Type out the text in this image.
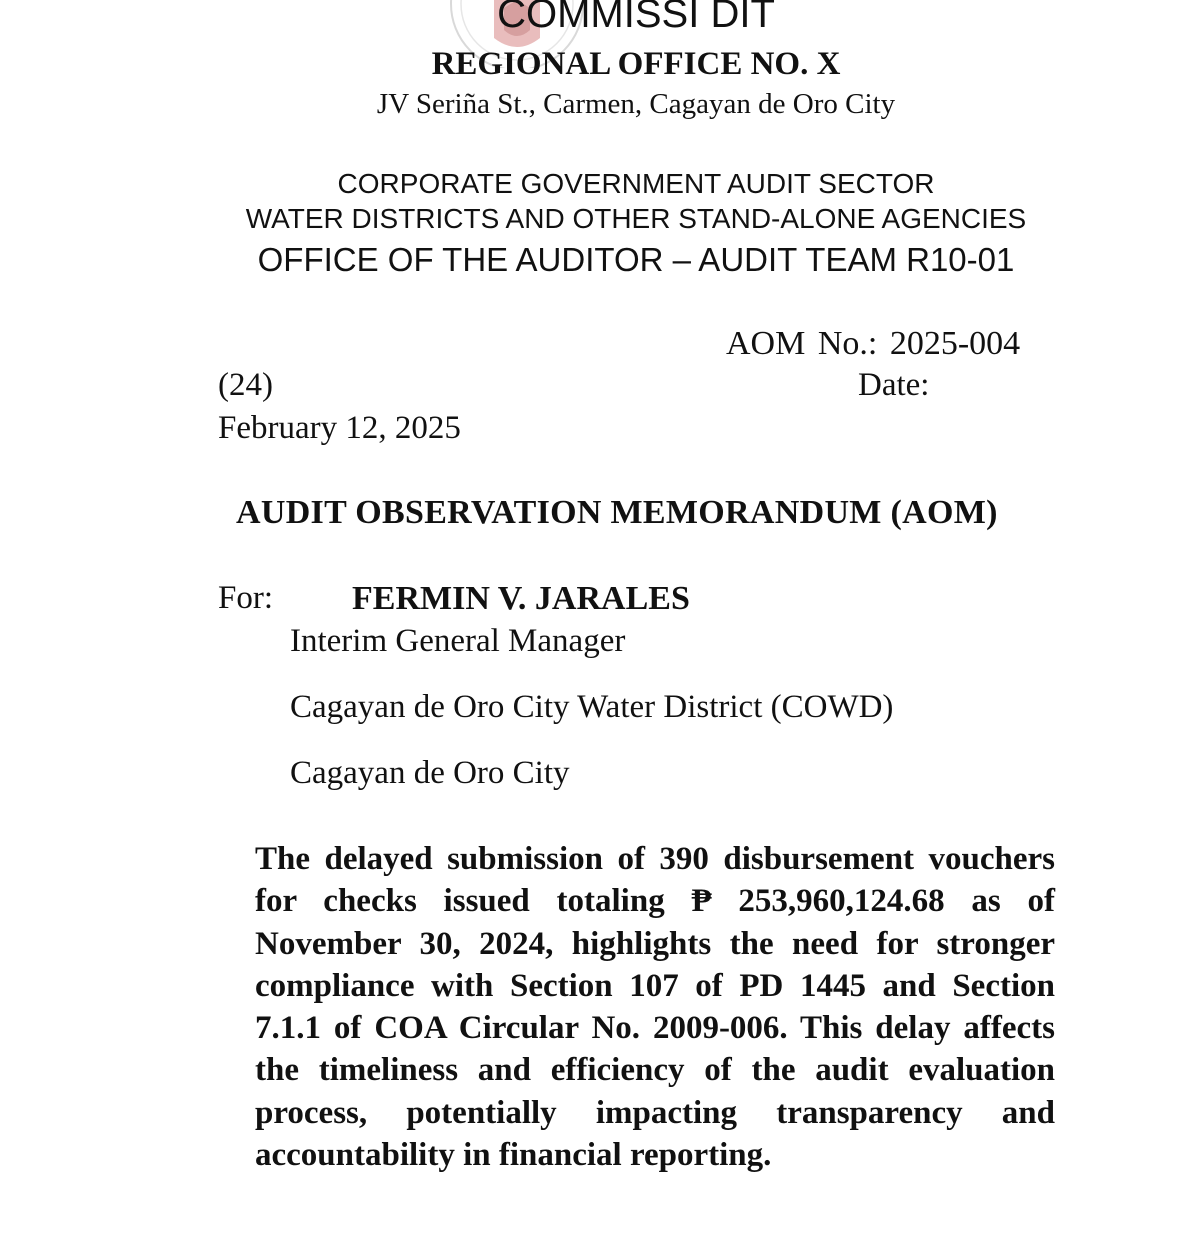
COMMISSI DIT
REGIONAL OFFICE NO. X
JV Seriña St., Carmen, Cagayan de Oro City
CORPORATE GOVERNMENT AUDIT SECTOR
WATER DISTRICTS AND OTHER STAND-ALONE AGENCIES
OFFICE OF THE AUDITOR – AUDIT TEAM R10-01
AOM No.: 2025-004
(24)	Date:
February 12, 2025
AUDIT OBSERVATION MEMORANDUM (AOM)
For: FERMIN V. JARALES
Interim General Manager
Cagayan de Oro City Water District (COWD)
Cagayan de Oro City
The delayed submission of 390 disbursement vouchers for checks issued totaling ₱ 253,960,124.68 as of November 30, 2024, highlights the need for stronger compliance with Section 107 of PD 1445 and Section 7.1.1 of COA Circular No. 2009-006. This delay affects the timeliness and efficiency of the audit evaluation process, potentially impacting transparency and accountability in financial reporting.
